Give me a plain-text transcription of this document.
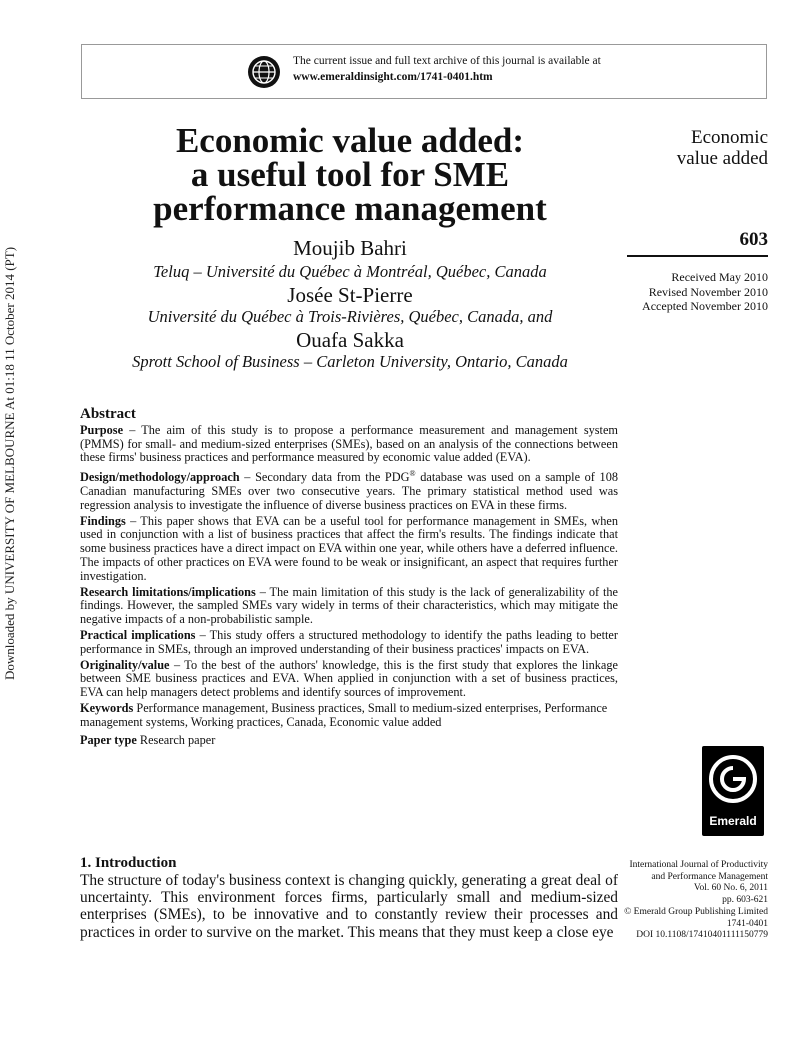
Downloaded by UNIVERSITY OF MELBOURNE At 01:18 11 October 2014 (PT)
The current issue and full text archive of this journal is available at
www.emeraldinsight.com/1741-0401.htm
Economic value added:
a useful tool for SME
performance management
Moujib Bahri
Teluq – Université du Québec à Montréal, Québec, Canada
Josée St-Pierre
Université du Québec à Trois-Rivières, Québec, Canada, and
Ouafa Sakka
Sprott School of Business – Carleton University, Ontario, Canada
Economic
value added
603
Received May 2010
Revised November 2010
Accepted November 2010
Abstract

Purpose – The aim of this study is to propose a performance measurement and management system (PMMS) for small- and medium-sized enterprises (SMEs), based on an analysis of the connections between these firms' business practices and performance measured by economic value added (EVA).

Design/methodology/approach – Secondary data from the PDG® database was used on a sample of 108 Canadian manufacturing SMEs over two consecutive years. The primary statistical method used was regression analysis to investigate the influence of diverse business practices on EVA in these firms.

Findings – This paper shows that EVA can be a useful tool for performance management in SMEs, when used in conjunction with a list of business practices that affect the firm's results. The findings indicate that some business practices have a direct impact on EVA within one year, while others have a deferred influence. The impacts of other practices on EVA were found to be weak or insignificant, an aspect that requires further investigation.

Research limitations/implications – The main limitation of this study is the lack of generalizability of the findings. However, the sampled SMEs vary widely in terms of their characteristics, which may mitigate the negative impacts of a non-probabilistic sample.

Practical implications – This study offers a structured methodology to identify the paths leading to better performance in SMEs, through an improved understanding of their business practices' impacts on EVA.

Originality/value – To the best of the authors' knowledge, this is the first study that explores the linkage between SME business practices and EVA. When applied in conjunction with a set of business practices, EVA can help managers detect problems and identify sources of improvement.

Keywords Performance management, Business practices, Small to medium-sized enterprises, Performance management systems, Working practices, Canada, Economic value added

Paper type Research paper

Emerald
International Journal of Productivity
and Performance Management
Vol. 60 No. 6, 2011
pp. 603-621
© Emerald Group Publishing Limited
1741-0401
DOI 10.1108/17410401111150779
1. Introduction

The structure of today's business context is changing quickly, generating a great deal of uncertainty. This environment forces firms, particularly small and medium-sized enterprises (SMEs), to be innovative and to constantly review their processes and practices in order to survive on the market. This means that they must keep a close eye
